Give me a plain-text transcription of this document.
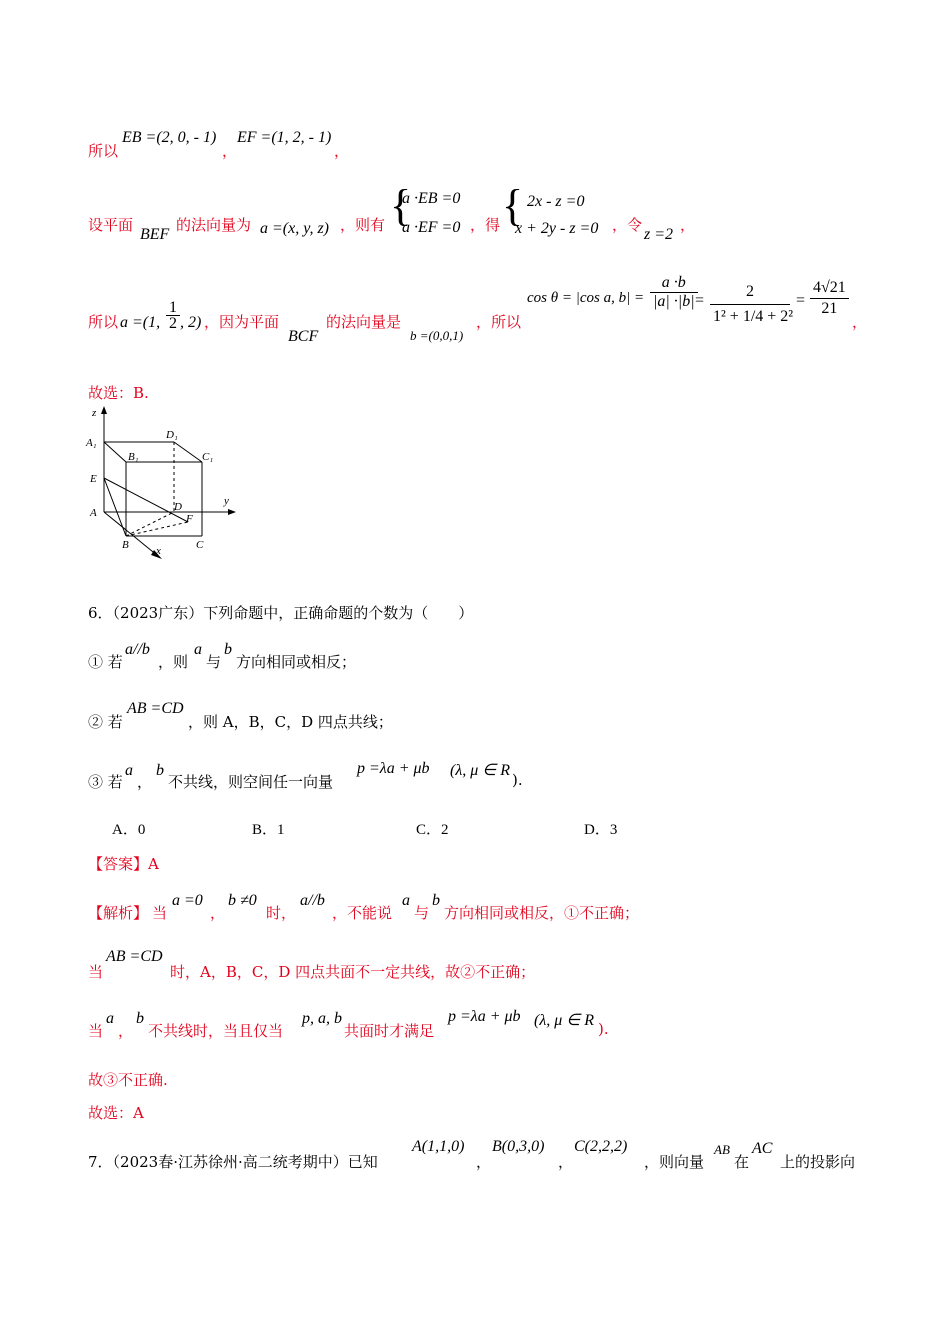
所以
EB =(2, 0, - 1)
，
EF =(1, 2, - 1)
，
设平面
BEF
的法向量为 a =(x, y, z) ，则有 {
a ·EB =0
a ·EF =0 ，得 { 2x - z =0
x + 2y - z =0 ，令
z =2
，
所以 a =(1, $\frac{1}{2}$ , 2) ，因为平面
BCF
的法向量是
b =(0,0,1)
，所以
cos θ = |cos a, $b| = \frac{a \cdot b}{|a| \cdot|b|}$
= $\frac{2}{\text{1² + 1/4 + 2²}} = \frac{4√21}{21}$
，
故选：B.
z
A₁
D₁
B₁	C₁
E
y
A	D
F
B	C
x
6．（2023广东）下列命题中，正确命题的个数为（　　）
① 若
a//b
，则
a
与
b
方向相同或相反；
② 若
AB =CD
，则 A，B，C，D 四点共线；
③ 若
a
，
b
不共线，则空间任一向量
p =λa + μb (λ, μ ∈ R
).
A．0	B．1	C．2	D．3
【答案】A
【解析】 当
a =0
，
b ≠0
时，
a//b
，不能说
a
与
b
方向相同或相反，①不正确；
当
AB =CD
时，A，B，C，D 四点共面不一定共线，故②不正确；
当
a
，
b
不共线时，当且仅当
p, a, b
共面时才满足
p =λa + μb (λ, μ ∈ R ).
故③不正确.
故选：A
7．（2023春·江苏徐州·高二统考期中）已知
A(1,1,0)
，
B(0,3,0)
，
C(2,2,2)
，则向量
AB
在
AC
上的投影向
